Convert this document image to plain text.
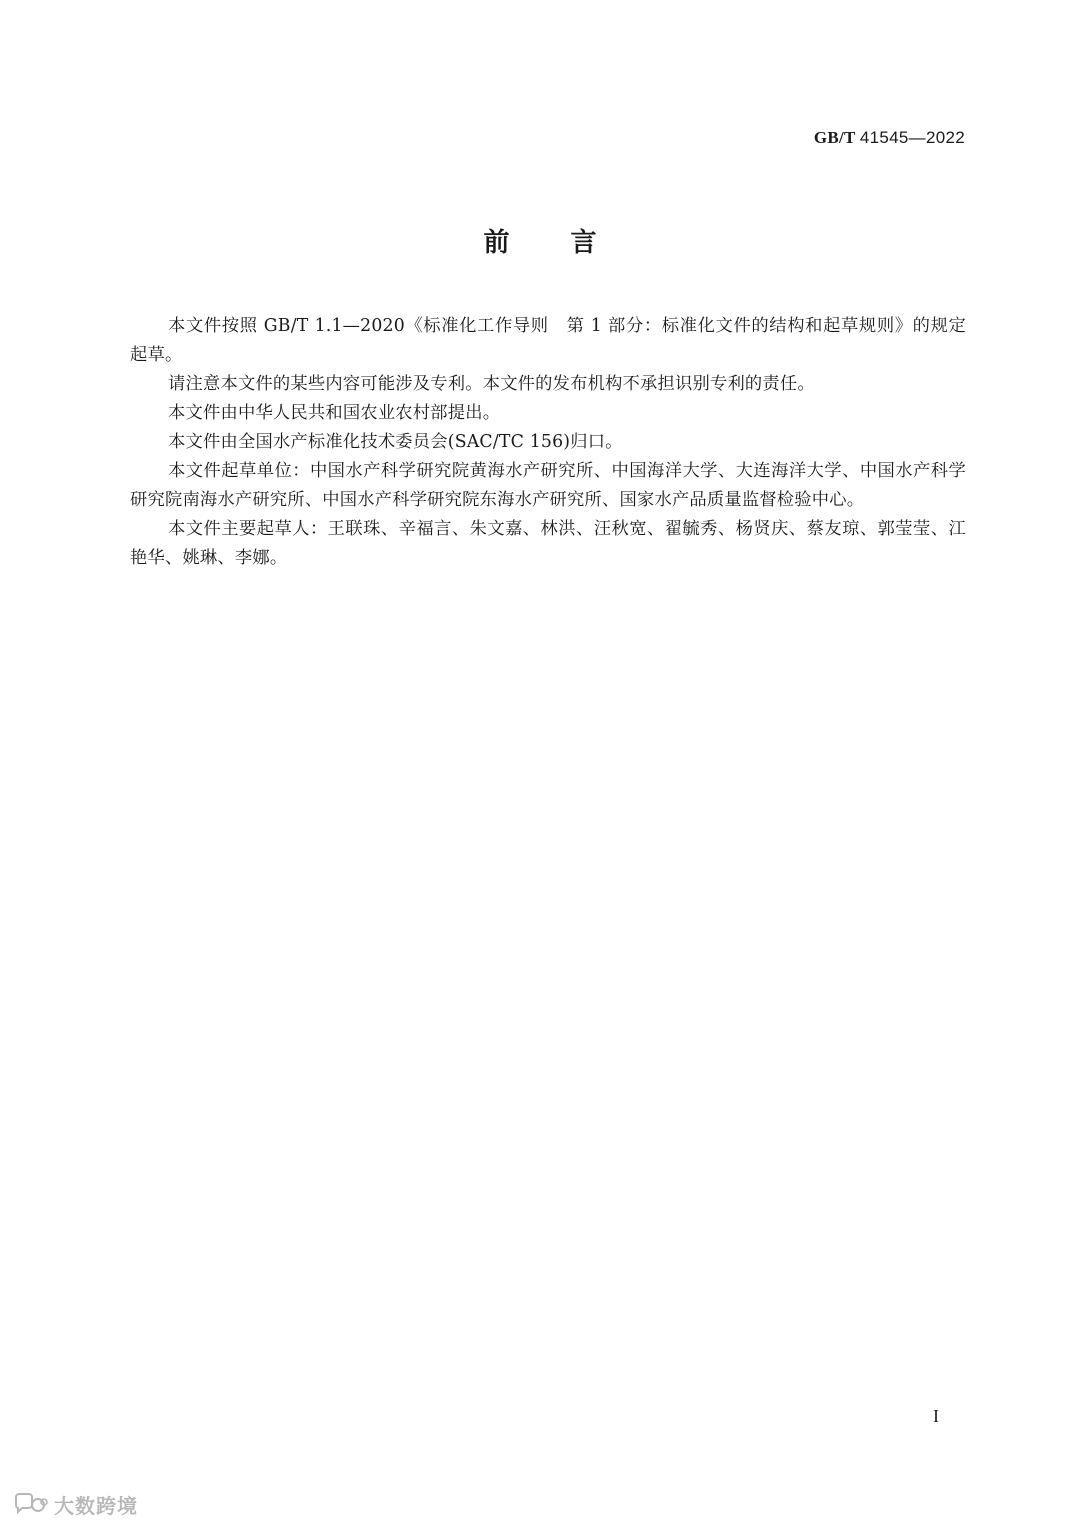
GB/T 41545—2022
前 言

本文件按照 GB/T 1.1—2020《标准化工作导则　第 1 部分：标准化文件的结构和起草规则》的规定起草。

请注意本文件的某些内容可能涉及专利。本文件的发布机构不承担识别专利的责任。

本文件由中华人民共和国农业农村部提出。

本文件由全国水产标准化技术委员会(SAC/TC 156)归口。

本文件起草单位：中国水产科学研究院黄海水产研究所、中国海洋大学、大连海洋大学、中国水产科学研究院南海水产研究所、中国水产科学研究院东海水产研究所、国家水产品质量监督检验中心。

本文件主要起草人：王联珠、辛福言、朱文嘉、林洪、汪秋宽、翟毓秀、杨贤庆、蔡友琼、郭莹莹、江艳华、姚琳、李娜。

I
大数跨境
